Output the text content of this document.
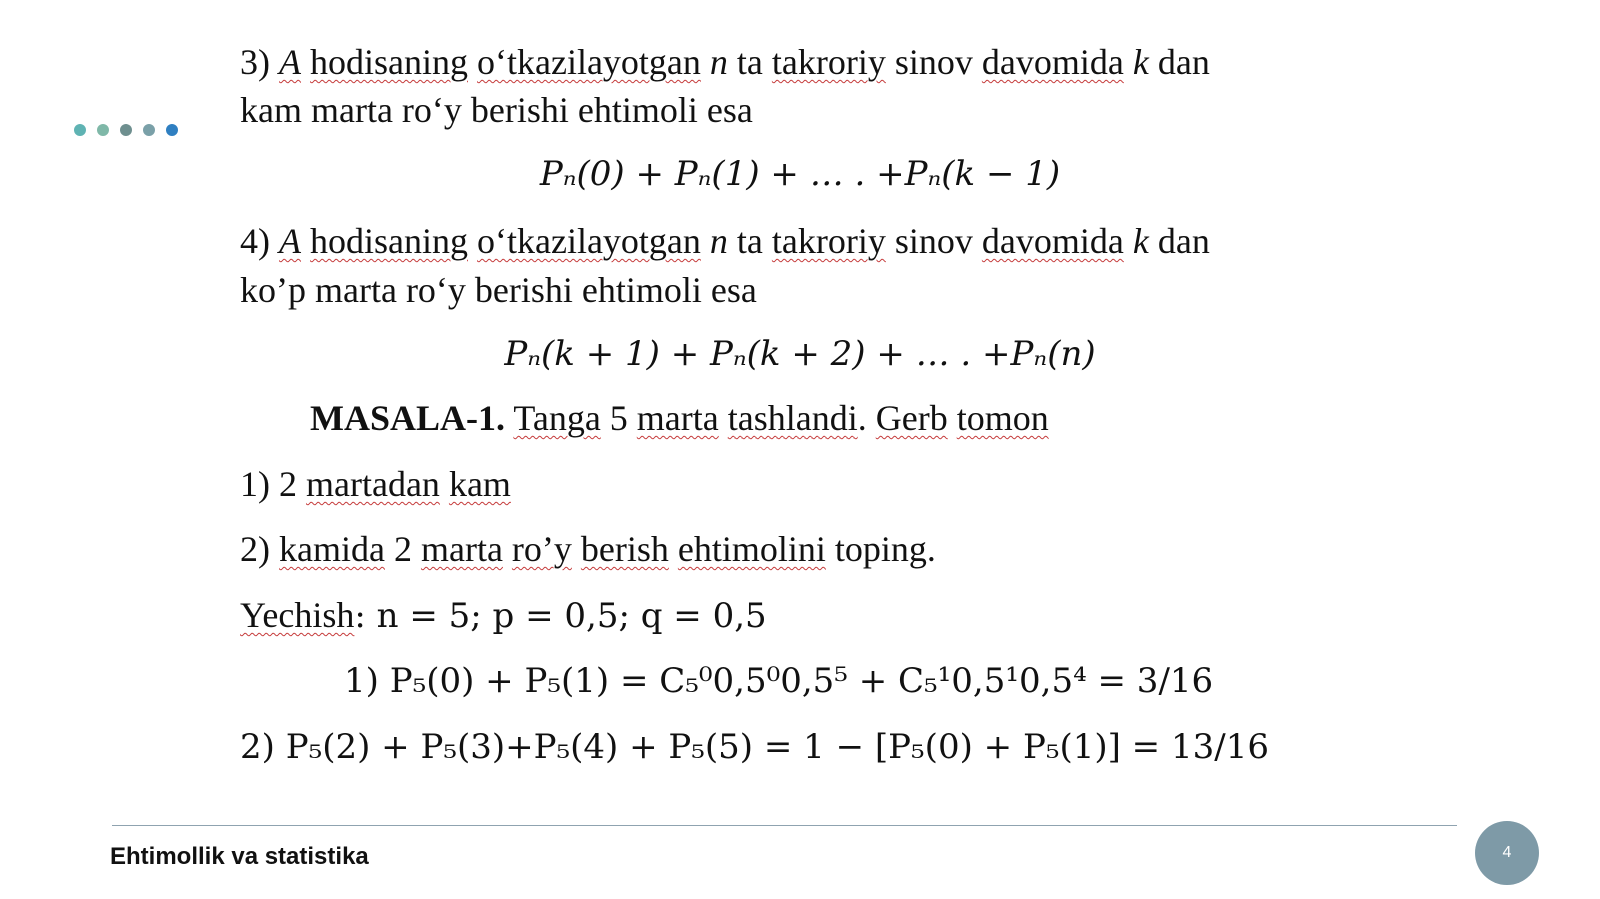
3) A hodisaning o‘tkazilayotgan n ta takroriy sinov davomida k dan
kam marta ro‘y berishi ehtimoli esa
Pₙ(0) + Pₙ(1) + … . +Pₙ(k − 1)
4) A hodisaning o‘tkazilayotgan n ta takroriy sinov davomida k dan
ko’p marta ro‘y berishi ehtimoli esa
Pₙ(k + 1) + Pₙ(k + 2) + … . +Pₙ(n)
MASALA-1. Tanga 5 marta tashlandi. Gerb tomon
1) 2 martadan kam
2) kamida 2 marta ro’y berish ehtimolini toping.
Yechish: n = 5; p = 0,5; q = 0,5
1) P₅(0) + P₅(1) = C₅⁰0,5⁰0,5⁵ + C₅¹0,5¹0,5⁴ = 3/16
2) P₅(2) + P₅(3)+P₅(4) + P₅(5) = 1 − [P₅(0) + P₅(1)] = 13/16
Ehtimollik va statistika	4
